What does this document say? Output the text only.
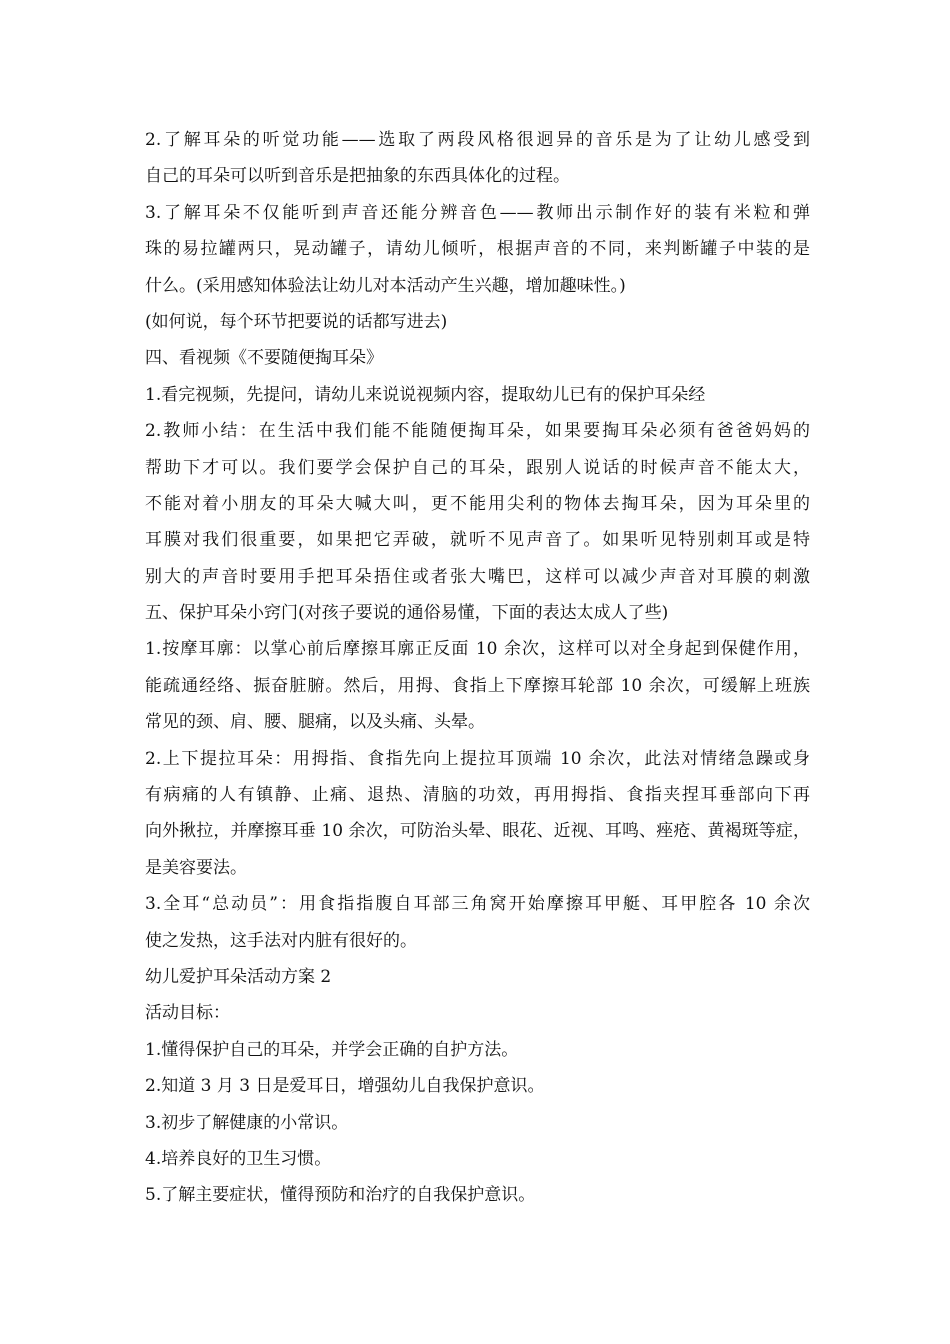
2.了解耳朵的听觉功能——选取了两段风格很迥异的音乐是为了让幼儿感受到
自己的耳朵可以听到音乐是把抽象的东西具体化的过程。
3.了解耳朵不仅能听到声音还能分辨音色——教师出示制作好的装有米粒和弹
珠的易拉罐两只，晃动罐子，请幼儿倾听，根据声音的不同，来判断罐子中装的是
什么。(采用感知体验法让幼儿对本活动产生兴趣，增加趣味性。)
(如何说，每个环节把要说的话都写进去)
四、看视频《不要随便掏耳朵》
1.看完视频，先提问，请幼儿来说说视频内容，提取幼儿已有的保护耳朵经
2.教师小结：在生活中我们能不能随便掏耳朵，如果要掏耳朵必须有爸爸妈妈的
帮助下才可以。我们要学会保护自己的耳朵，跟别人说话的时候声音不能太大，
不能对着小朋友的耳朵大喊大叫，更不能用尖利的物体去掏耳朵，因为耳朵里的
耳膜对我们很重要，如果把它弄破，就听不见声音了。如果听见特别刺耳或是特
别大的声音时要用手把耳朵捂住或者张大嘴巴，这样可以减少声音对耳膜的刺激
五、保护耳朵小窍门(对孩子要说的通俗易懂，下面的表达太成人了些)
1.按摩耳廓：以掌心前后摩擦耳廓正反面 10 余次，这样可以对全身起到保健作用，
能疏通经络、振奋脏腑。然后，用拇、食指上下摩擦耳轮部 10 余次，可缓解上班族
常见的颈、肩、腰、腿痛，以及头痛、头晕。
2.上下提拉耳朵：用拇指、食指先向上提拉耳顶端 10 余次，此法对情绪急躁或身
有病痛的人有镇静、止痛、退热、清脑的功效，再用拇指、食指夹捏耳垂部向下再
向外揪拉，并摩擦耳垂 10 余次，可防治头晕、眼花、近视、耳鸣、痤疮、黄褐斑等症，
是美容要法。
3.全耳“总动员”：用食指指腹自耳部三角窝开始摩擦耳甲艇、耳甲腔各 10 余次
使之发热，这手法对内脏有很好的。
幼儿爱护耳朵活动方案 2
活动目标：
1.懂得保护自己的耳朵，并学会正确的自护方法。
2.知道 3 月 3 日是爱耳日，增强幼儿自我保护意识。
3.初步了解健康的小常识。
4.培养良好的卫生习惯。
5.了解主要症状，懂得预防和治疗的自我保护意识。
